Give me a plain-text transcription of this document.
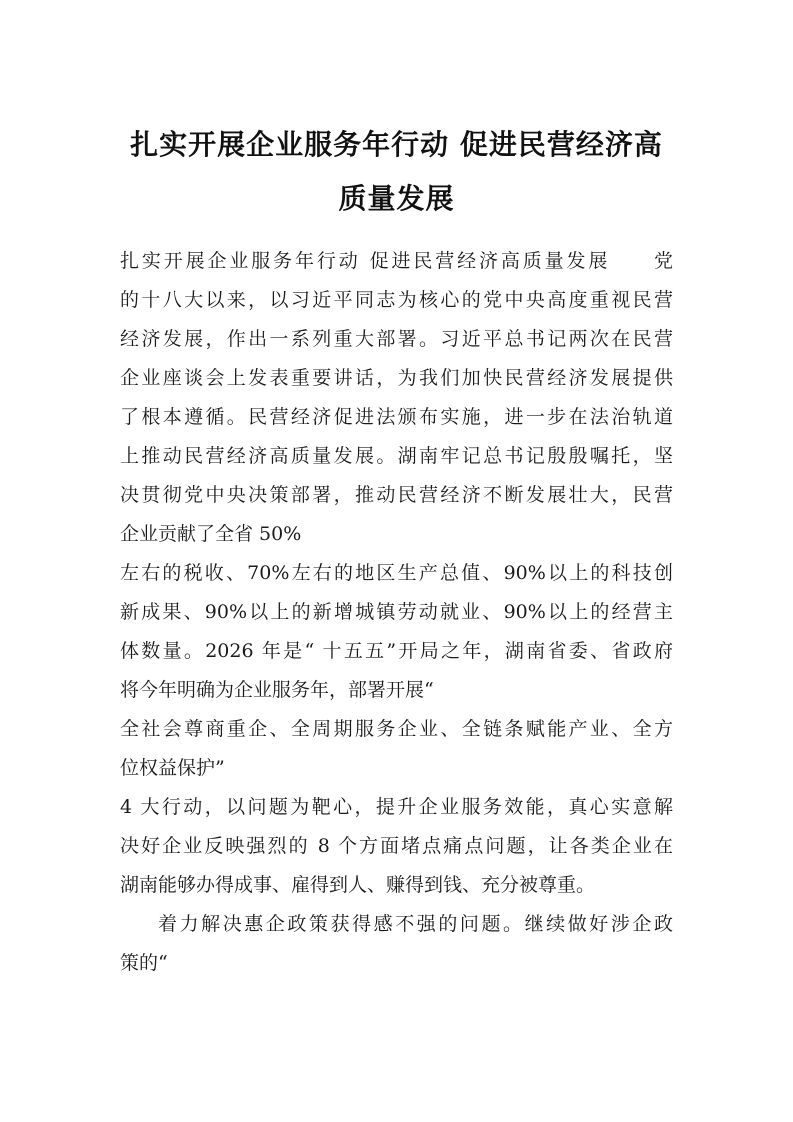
扎实开展企业服务年行动 促进民营经济高
质量发展

扎实开展企业服务年行动 促进民营经济高质量发展　　党
的十八大以来，以习近平同志为核心的党中央高度重视民营
经济发展，作出一系列重大部署。习近平总书记两次在民营
企业座谈会上发表重要讲话，为我们加快民营经济发展提供
了根本遵循。民营经济促进法颁布实施，进一步在法治轨道
上推动民营经济高质量发展。湖南牢记总书记殷殷嘱托，坚
决贯彻党中央决策部署，推动民营经济不断发展壮大，民营
企业贡献了全省 50%

左右的税收、70%左右的地区生产总值、90%以上的科技创
新成果、90%以上的新增城镇劳动就业、90%以上的经营主
体数量。2026 年是“ 十五五”开局之年，湖南省委、省政府
将今年明确为企业服务年，部署开展“

全社会尊商重企、全周期服务企业、全链条赋能产业、全方
位权益保护”

4 大行动，以问题为靶心，提升企业服务效能，真心实意解
决好企业反映强烈的 8 个方面堵点痛点问题，让各类企业在
湖南能够办得成事、雇得到人、赚得到钱、充分被尊重。

着力解决惠企政策获得感不强的问题。继续做好涉企政
策的“
